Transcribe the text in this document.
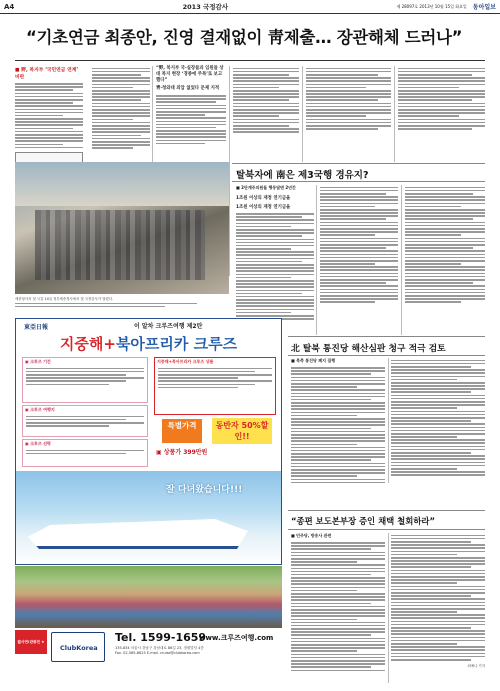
A4	2013 국정감사	제 28097호 2013년 10월 15일 화요일 동아일보
“기초연금 최종안, 진영 결재없이 靑제출… 장관해체 드러나”
■ 野, 복지부 ‘국민연금 연계’ 비판
“野, 복지부 국·실장들과 임원들 상대 복지 현장 ‘경종에 주목’로 보고했다”
靑·청와대 외압 없었다 문제 지적
탈북자에 南은 제3국행 경유지?
■ 2단계주의원들 행동답변 2년간
1조원 이상의 재정 연기금을
1조원 이상의 재정 연기금을
세종청사서 첫 국감 14일 정부세종청사에서 첫 국정감사가 열렸다.
東亞日報	이 알차 크루즈여행 제2탄
지중해+북아프리카 크루즈
▣ 크루즈 기간
▣ 크루즈 여행지
▣ 크루즈 선박
지중해+북아프리카 크루즈 상품
특별가격	동반자 50%할인!!
▣ 상품가 399만원
잘 다녀왔습니다!!!
짧사연!관광전 ★
ClubKorea
Tel. 1599-1659
www.크루즈여행.com
135-834 서울시 강남구 강남대로 86길 23, 정원빌딩 4층
Fax. 02-585-8625 E-mail. cruise@clubkorea.com
北 탈북 통진당 해산심판 청구 적극 검토
■ 북측 통진당 폐지 집행
“종편 보도본부장 증인 채택 철회하라”
■ 민주당, 방송사 관련
최예나 기자
